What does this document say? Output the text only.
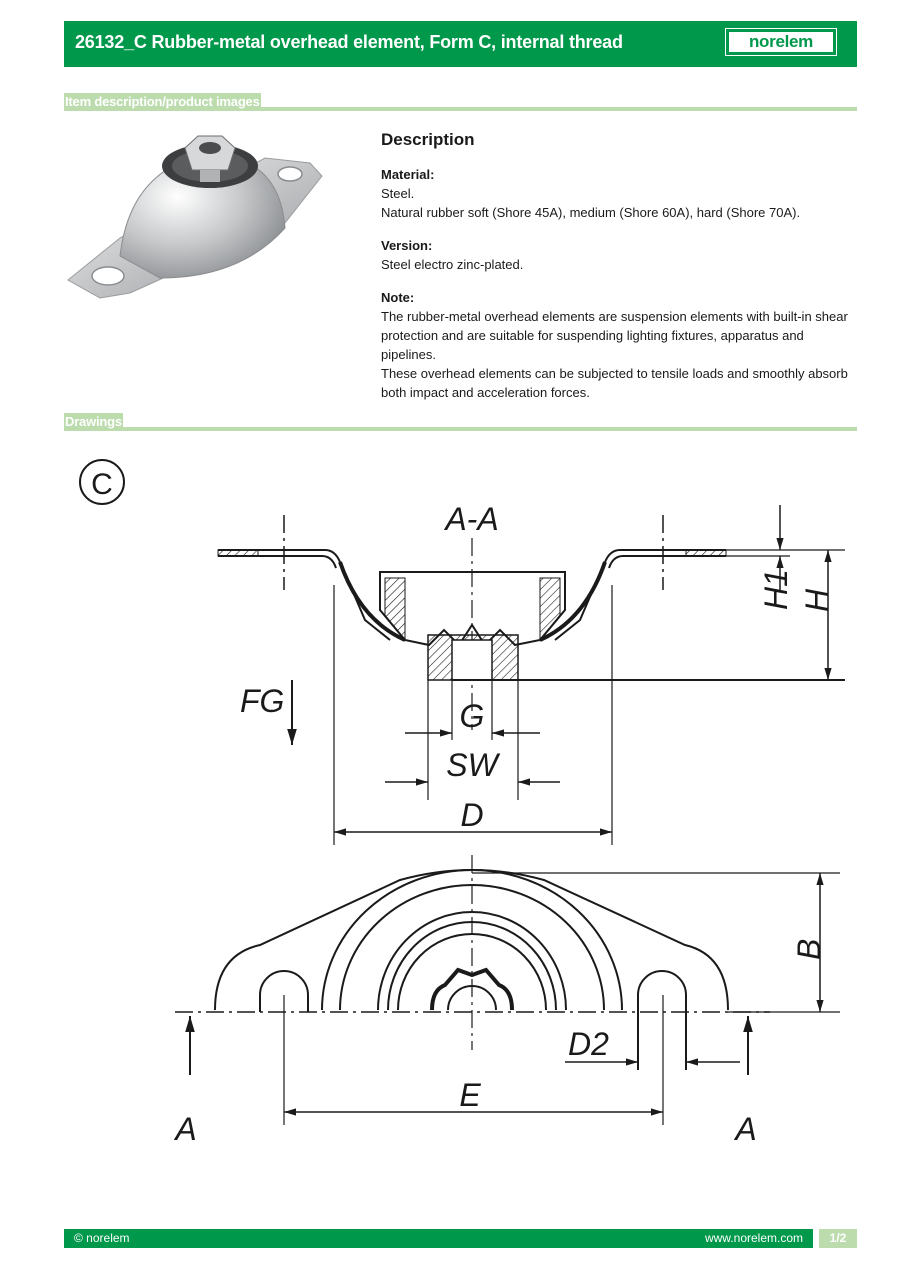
26132_C Rubber-metal overhead element, Form C, internal thread	norelem
Item description/product images
Description

Material:

Steel.

Natural rubber soft (Shore 45A), medium (Shore 60A), hard (Shore 70A).

Version:

Steel electro zinc-plated.

Note:

The rubber-metal overhead elements are suspension elements with built-in shear

protection and are suitable for suspending lighting fixtures, apparatus and pipelines.

These overhead elements can be subjected to tensile loads and smoothly absorb

both impact and acceleration forces.

Drawings
C
A-A
H1 H
FG	G
SW
D
B
D2
E
A	A
© norelem	www.norelem.com	1/2
